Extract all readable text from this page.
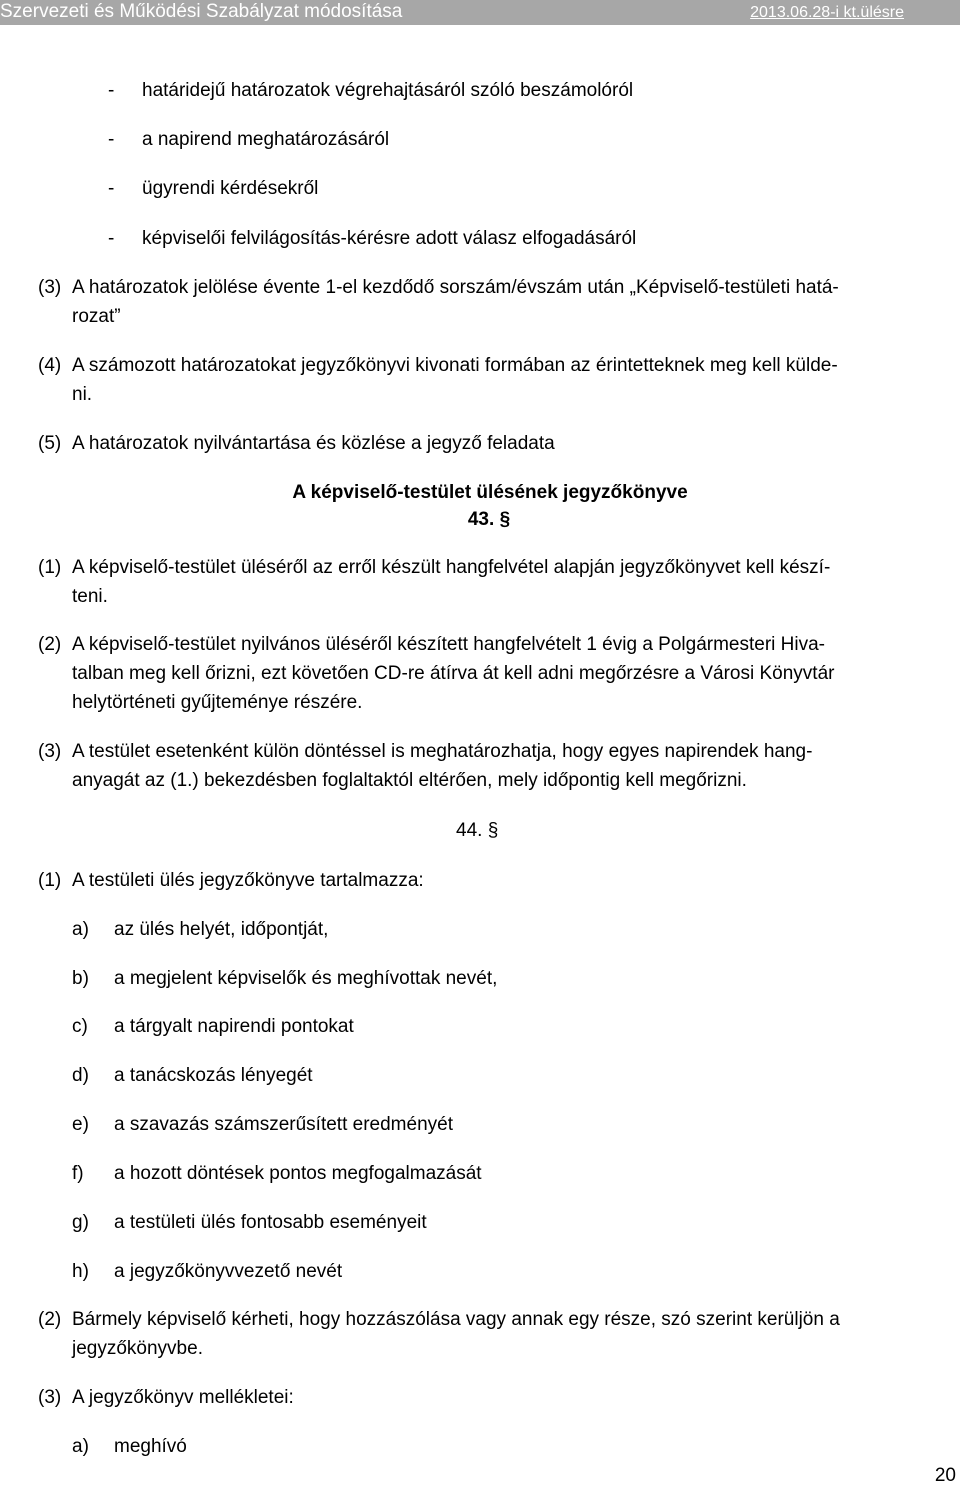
Szervezeti és Működési Szabályzat módosítása	2013.06.28-i kt.ülésre
- határidejű határozatok végrehajtásáról szóló beszámolóról
- a napirend meghatározásáról
- ügyrendi kérdésekről
- képviselői felvilágosítás-kérésre adott válasz elfogadásáról
(3) A határozatok jelölése évente 1-el kezdődő sorszám/évszám után „Képviselő-testületi hatá-
rozat”
(4) A számozott határozatokat jegyzőkönyvi kivonati formában az érintetteknek meg kell külde-
ni.
(5) A határozatok nyilvántartása és közlése a jegyző feladata
A képviselő-testület ülésének jegyzőkönyve
43. §
(1) A képviselő-testület üléséről az erről készült hangfelvétel alapján jegyzőkönyvet kell készí-
teni.
(2) A képviselő-testület nyilvános üléséről készített hangfelvételt 1 évig a Polgármesteri Hiva-
talban meg kell őrizni, ezt követően CD-re átírva át kell adni megőrzésre a Városi Könyvtár
helytörténeti gyűjteménye részére.
(3) A testület esetenként külön döntéssel is meghatározhatja, hogy egyes napirendek hang-
anyagát az (1.) bekezdésben foglaltaktól eltérően, mely időpontig kell megőrizni.
44. §
(1) A testületi ülés jegyzőkönyve tartalmazza:
a) az ülés helyét, időpontját,
b) a megjelent képviselők és meghívottak nevét,
c) a tárgyalt napirendi pontokat
d) a tanácskozás lényegét
e) a szavazás számszerűsített eredményét
f) a hozott döntések pontos megfogalmazását
g) a testületi ülés fontosabb eseményeit
h) a jegyzőkönyvvezető nevét
(2) Bármely képviselő kérheti, hogy hozzászólása vagy annak egy része, szó szerint kerüljön a
jegyzőkönyvbe.
(3) A jegyzőkönyv mellékletei:
a) meghívó
20
